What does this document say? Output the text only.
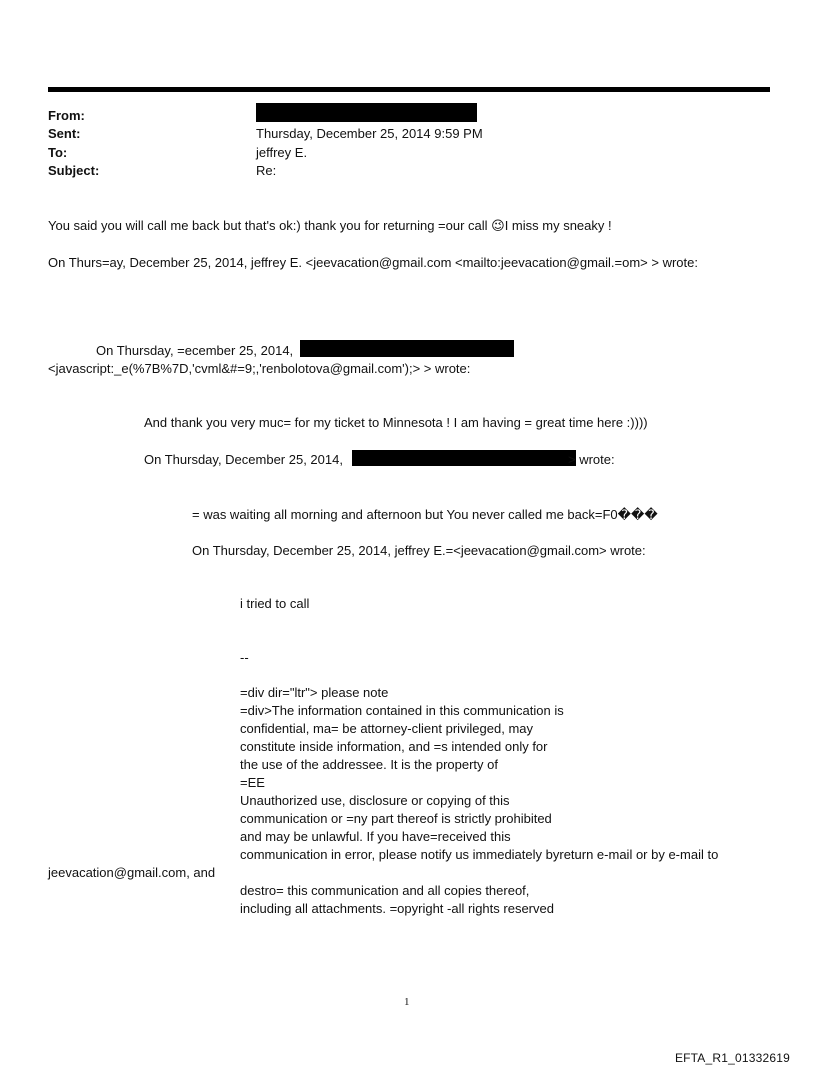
From:
Sent:	Thursday, December 25, 2014 9:59 PM
To:	jeffrey E.
Subject:	Re:
You said you will call me back but that's ok:) thank you for returning =our call 😉I miss my sneaky !
On Thurs=ay, December 25, 2014, jeffrey E. <jeevacation@gmail.com <mailto:jeevacation@gmail.=om> > wrote:
On Thursday, =ecember 25, 2014,
<javascript:_e(%7B%7D,'cvml&#=9;,'renbolotova@gmail.com');> > wrote:
And thank you very muc= for my ticket to Minnesota ! I am having = great time here :))))
On Thursday, December 25, 2014,	> wrote:
= was waiting all morning and afternoon but You never called me back=F0���
On Thursday, December 25, 2014, jeffrey E.=<jeevacation@gmail.com> wrote:
i tried to call
--
=div dir="ltr"> please note
=div>The information contained in this communication is
confidential, ma= be attorney-client privileged, may
constitute inside information, and =s intended only for
the use of the addressee. It is the property of
=EE
Unauthorized use, disclosure or copying of this
communication or =ny part thereof is strictly prohibited
and may be unlawful. If you have=received this
communication in error, please notify us immediately byreturn e-mail or by e-mail to
jeevacation@gmail.com, and
destro= this communication and all copies thereof,
including all attachments. =opyright -all rights reserved
1
EFTA_R1_01332619
